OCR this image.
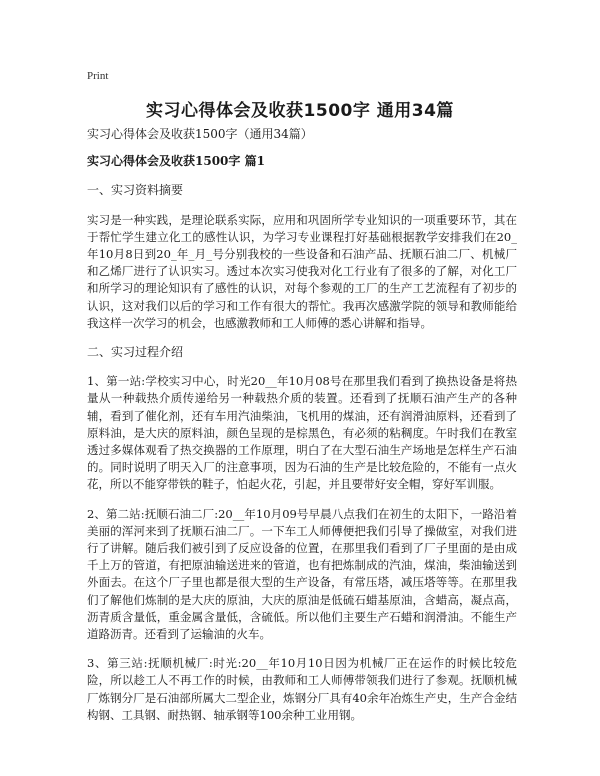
Print
实习心得体会及收获1500字 通用34篇

实习心得体会及收获1500字（通用34篇）

实习心得体会及收获1500字 篇1

一、实习资料摘要

实习是一种实践，是理论联系实际，应用和巩固所学专业知识的一项重要环节，其在于帮忙学生建立化工的感性认识，为学习专业课程打好基础根据教学安排我们在20_年10月8日到20_年_月_号分别我校的一些设备和石油产品、抚顺石油二厂、机械厂和乙烯厂进行了认识实习。透过本次实习使我对化工行业有了很多的了解，对化工厂和所学习的理论知识有了感性的认识，对每个参观的工厂的生产工艺流程有了初步的认识，这对我们以后的学习和工作有很大的帮忙。我再次感激学院的领导和教师能给我这样一次学习的机会，也感激教师和工人师傅的悉心讲解和指导。

二、实习过程介绍

1、第一站:学校实习中心，时光20__年10月08号在那里我们看到了换热设备是将热量从一种载热介质传递给另一种载热介质的装置。还看到了抚顺石油产生产的各种辅，看到了催化剂，还有车用汽油柴油，飞机用的煤油，还有润滑油原料，还看到了原料油，是大庆的原料油，颜色呈现的是棕黑色，有必须的粘稠度。午时我们在教室透过多媒体观看了热交换器的工作原理，明白了在大型石油生产场地是怎样生产石油的。同时说明了明天入厂的注意事项，因为石油的生产是比较危险的，不能有一点火花，所以不能穿带铁的鞋子，怕起火花，引起，并且要带好安全帽，穿好军训服。

2、第二站:抚顺石油二厂:20__年10月09号早晨八点我们在初生的太阳下，一路沿着美丽的浑河来到了抚顺石油二厂。一下车工人师傅便把我们引导了操做室，对我们进行了讲解。随后我们被引到了反应设备的位置，在那里我们看到了厂子里面的是由成千上万的管道，有把原油输送进来的管道，也有把炼制成的汽油，煤油，柴油输送到外面去。在这个厂子里也都是很大型的生产设备，有常压塔，减压塔等等。在那里我们了解他们炼制的是大庆的原油，大庆的原油是低硫石蜡基原油，含蜡高，凝点高，沥青质含量低，重金属含量低，含硫低。所以他们主要生产石蜡和润滑油。不能生产道路沥青。还看到了运输油的火车。

3、第三站:抚顺机械厂:时光:20__年10月10日因为机械厂正在运作的时候比较危险，所以趁工人不再工作的时候，由教师和工人师傅带领我们进行了参观。抚顺机械厂炼钢分厂是石油部所属大二型企业，炼钢分厂具有40余年冶炼生产史，生产合金结构钢、工具钢、耐热钢、轴承钢等100余种工业用钢。
